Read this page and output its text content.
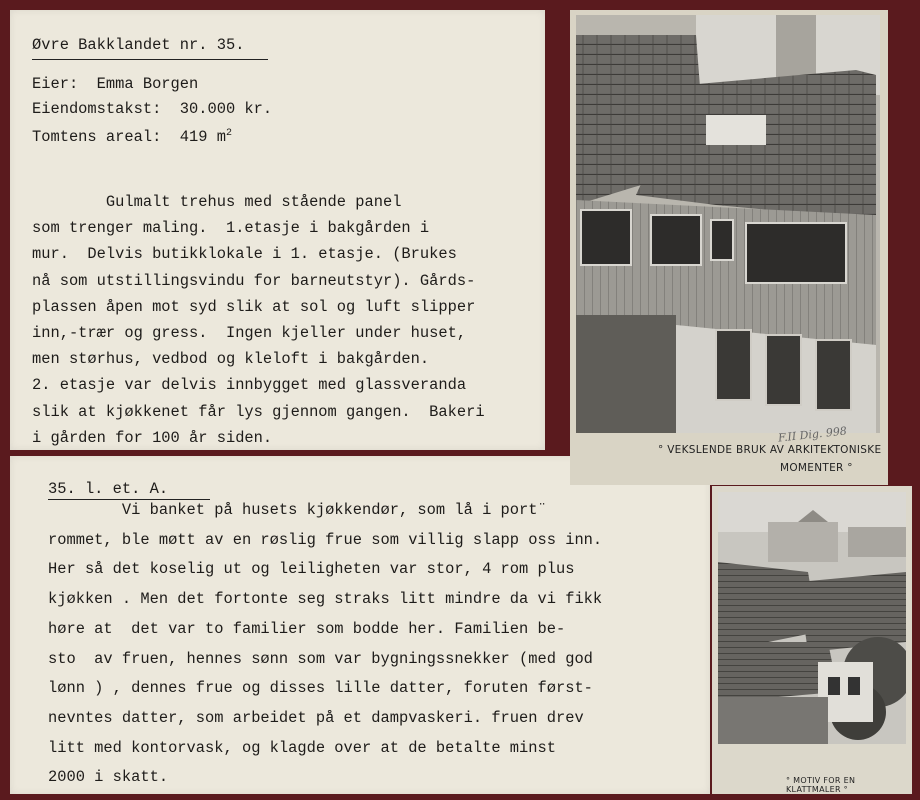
Øvre Bakklandet nr. 35.
Eier:  Emma Borgen
Eiendomstakst:  30.000 kr.
Tomtens areal:  419 $m^2$
Gulmalt trehus med stående panel
som trenger maling.  1.etasje i bakgården i
mur.  Delvis butikklokale i 1. etasje. (Brukes
nå som utstillingsvindu for barneutstyr). Gårds-
plassen åpen mot syd slik at sol og luft slipper
inn,-trær og gress.  Ingen kjeller under huset,
men størhus, vedbod og kleloft i bakgården.
2. etasje var delvis innbygget med glassveranda
slik at kjøkkenet får lys gjennom gangen.  Bakeri
i gården for 100 år siden.
35. l. et. A.
Vi banket på husets kjøkkendør, som lå i port¨
rommet, ble møtt av en røslig frue som villig slapp oss inn.
Her så det koselig ut og leiligheten var stor, 4 rom plus
kjøkken . Men det fortonte seg straks litt mindre da vi fikk
høre at  det var to familier som bodde her. Familien be-
sto  av fruen, hennes sønn som var bygningssnekker (med god
lønn ) , dennes frue og disses lille datter, foruten først-
nevntes datter, som arbeidet på et dampvaskeri. fruen drev
litt med kontorvask, og klagde over at de betalte minst
2000 i skatt.
F.II Dig. 998
° VEKSLENDE BRUK AV ARKITEKTONISKE
MOMENTER °
° MOTIV FOR EN KLATTMALER °
